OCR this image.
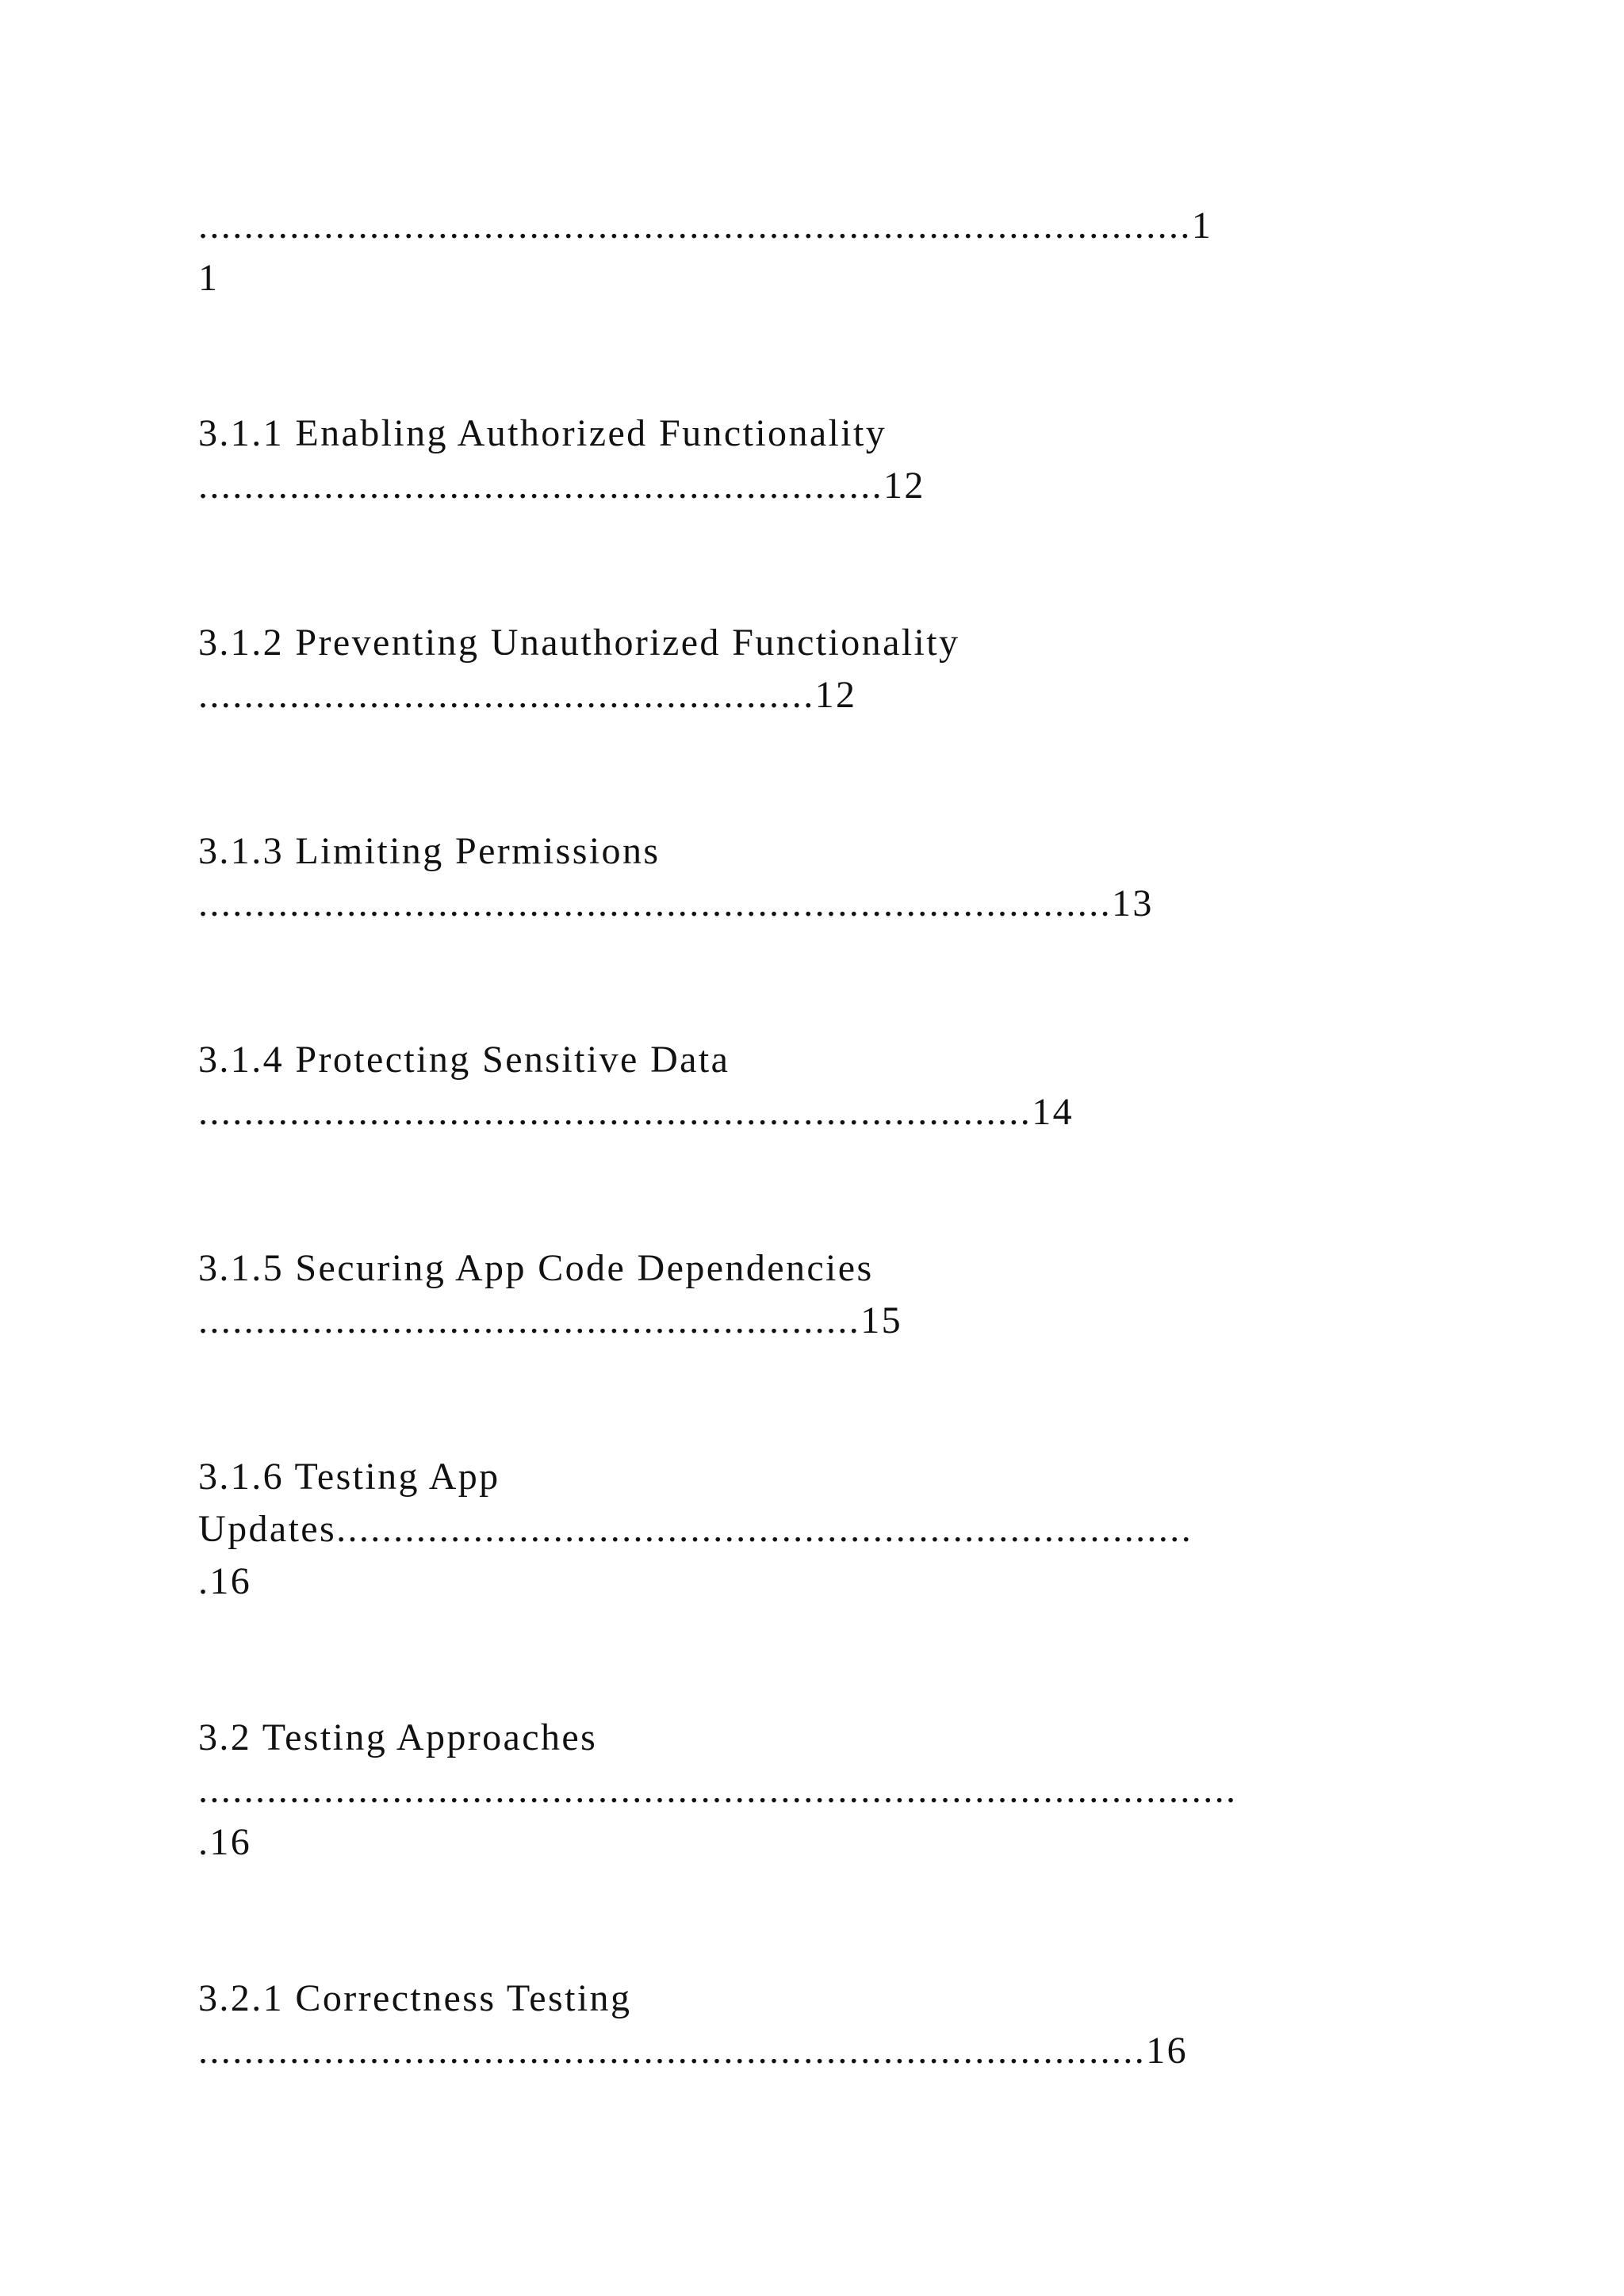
.......................................................................................1

1

3.1.1 Enabling Authorized Functionality

............................................................12

3.1.2 Preventing Unauthorized Functionality

......................................................12

3.1.3 Limiting Permissions

................................................................................13

3.1.4 Protecting Sensitive Data

.........................................................................14

3.1.5 Securing App Code Dependencies

..........................................................15

3.1.6 Testing App

Updates...........................................................................

.16

3.2 Testing Approaches

...........................................................................................

.16

3.2.1 Correctness Testing

...................................................................................16
